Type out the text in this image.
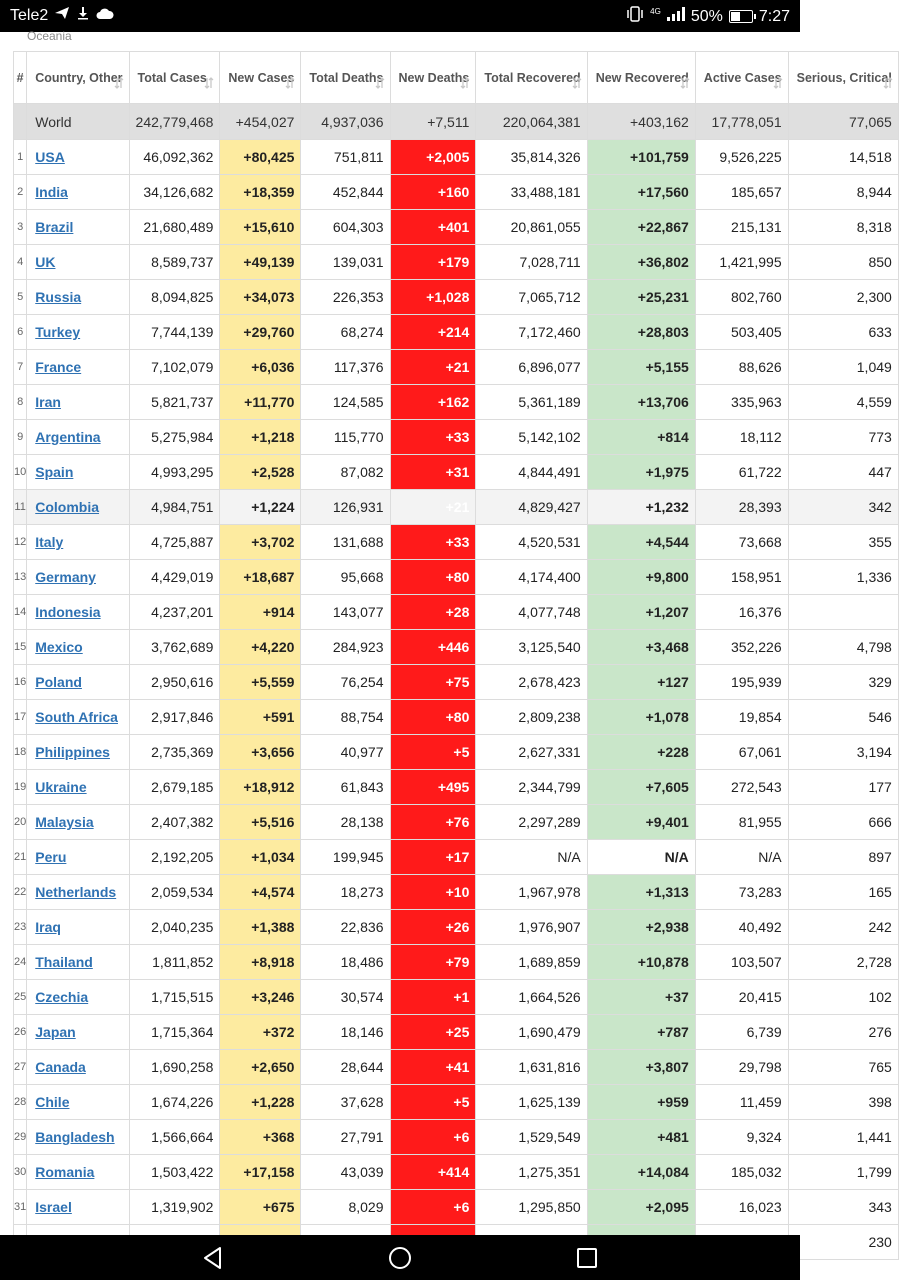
Tele2	4G 50% 7:27
Oceania
#	Country, Other	Total Cases	New Cases	Total Deaths	New Deaths	Total Recovered	New Recovered	Active Cases	Serious, Critical

	World	242,779,468	+454,027	4,937,036	+7,511	220,064,381	+403,162	17,778,051	77,065
1	USA	46,092,362	+80,425	751,811	+2,005	35,814,326	+101,759	9,526,225	14,518
2	India	34,126,682	+18,359	452,844	+160	33,488,181	+17,560	185,657	8,944
3	Brazil	21,680,489	+15,610	604,303	+401	20,861,055	+22,867	215,131	8,318
4	UK	8,589,737	+49,139	139,031	+179	7,028,711	+36,802	1,421,995	850
5	Russia	8,094,825	+34,073	226,353	+1,028	7,065,712	+25,231	802,760	2,300
6	Turkey	7,744,139	+29,760	68,274	+214	7,172,460	+28,803	503,405	633
7	France	7,102,079	+6,036	117,376	+21	6,896,077	+5,155	88,626	1,049
8	Iran	5,821,737	+11,770	124,585	+162	5,361,189	+13,706	335,963	4,559
9	Argentina	5,275,984	+1,218	115,770	+33	5,142,102	+814	18,112	773
10	Spain	4,993,295	+2,528	87,082	+31	4,844,491	+1,975	61,722	447
11	Colombia	4,984,751	+1,224	126,931	+21	4,829,427	+1,232	28,393	342
12	Italy	4,725,887	+3,702	131,688	+33	4,520,531	+4,544	73,668	355
13	Germany	4,429,019	+18,687	95,668	+80	4,174,400	+9,800	158,951	1,336
14	Indonesia	4,237,201	+914	143,077	+28	4,077,748	+1,207	16,376	
15	Mexico	3,762,689	+4,220	284,923	+446	3,125,540	+3,468	352,226	4,798
16	Poland	2,950,616	+5,559	76,254	+75	2,678,423	+127	195,939	329
17	South Africa	2,917,846	+591	88,754	+80	2,809,238	+1,078	19,854	546
18	Philippines	2,735,369	+3,656	40,977	+5	2,627,331	+228	67,061	3,194
19	Ukraine	2,679,185	+18,912	61,843	+495	2,344,799	+7,605	272,543	177
20	Malaysia	2,407,382	+5,516	28,138	+76	2,297,289	+9,401	81,955	666
21	Peru	2,192,205	+1,034	199,945	+17	N/A	N/A	N/A	897
22	Netherlands	2,059,534	+4,574	18,273	+10	1,967,978	+1,313	73,283	165
23	Iraq	2,040,235	+1,388	22,836	+26	1,976,907	+2,938	40,492	242
24	Thailand	1,811,852	+8,918	18,486	+79	1,689,859	+10,878	103,507	2,728
25	Czechia	1,715,515	+3,246	30,574	+1	1,664,526	+37	20,415	102
26	Japan	1,715,364	+372	18,146	+25	1,690,479	+787	6,739	276
27	Canada	1,690,258	+2,650	28,644	+41	1,631,816	+3,807	29,798	765
28	Chile	1,674,226	+1,228	37,628	+5	1,625,139	+959	11,459	398
29	Bangladesh	1,566,664	+368	27,791	+6	1,529,549	+481	9,324	1,441
30	Romania	1,503,422	+17,158	43,039	+414	1,275,351	+14,084	185,032	1,799
31	Israel	1,319,902	+675	8,029	+6	1,295,850	+2,095	16,023	343
									230
